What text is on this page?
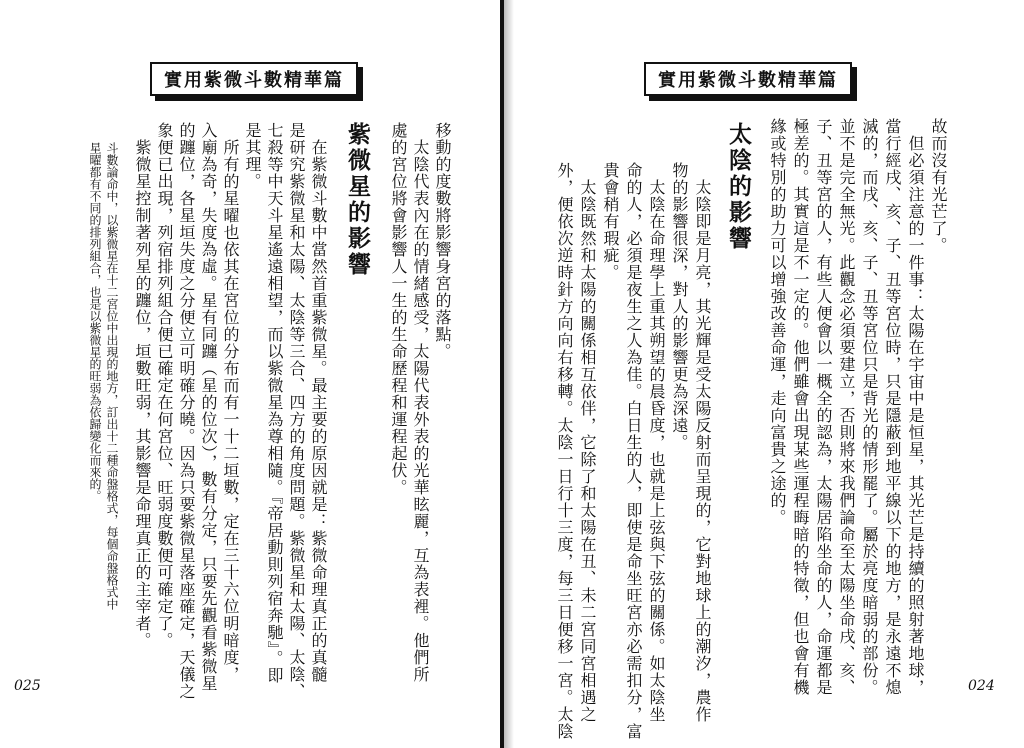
實用紫微斗數精華篇
025
移動的度數將影響身宮的落點。
　太陰代表內在的情緒感受，太陽代表外表的光華眩麗，互為表裡。他們所
處的宮位將會影響人一生的生命歷程和運程起伏。
紫微星的影響
　在紫微斗數中當然首重紫微星。最主要的原因就是：紫微命理真正的真髓
是研究紫微星和太陽、太陰等三合、四方的角度問題。紫微星和太陽、太陰、
七殺等中天斗星遙遠相望，而以紫微星為尊相隨。『帝居動則列宿奔馳』。即
是其理。
　所有的星曜也依其在宮位的分布而有一十二垣數，定在三十六位明暗度，
入廟為奇，失度為虛。星有同躔（星的位次），數有分定，只要先觀看紫微星
的躔位，各星垣失度之分便立可明確分曉。因為只要紫微星落座確定，天儀之
象便已出現，列宿排列組合便已確定在何宮位、旺弱度數便可確定了。
　紫微星控制著列星的躔位，垣數旺弱，其影響是命理真正的主宰者。
斗數論命中，以紫微星在十二宮位中出現的地方，訂出十二種命盤格式，每個命盤格式中
星曜都有不同的排列組合，也是以紫微星的旺弱為依歸變化而來的。
實用紫微斗數精華篇
024
故而沒有光芒了。
　但必須注意的一件事：太陽在宇宙中是恒星，其光芒是持續的照射著地球，
當行經戌、亥、子、丑等宮位時，只是隱蔽到地平線以下的地方，是永遠不熄
滅的，而戌、亥、子、丑等宮位只是背光的情形罷了。屬於亮度暗弱的部份。
並不是完全無光。此觀念必須要建立，否則將來我們論命至太陽坐命戌、亥、
子、丑等宮的人，有些人便會以一概全的認為，太陽居陷坐命的人，命運都是
極差的。其實這是不一定的。他們雖會出現某些運程晦暗的特徵，但也會有機
緣或特別的助力可以增強改善命運，走向富貴之途的。
太陰的影響
　太陰即是月亮，其光輝是受太陽反射而呈現的，它對地球上的潮汐，農作
物的影響很深，對人的影響更為深遠。
　太陰在命理學上重其朔望的晨昏度，也就是上弦與下弦的關係。如太陰坐
命的人，必須是夜生之人為佳。白日生的人，即使是命坐旺宮亦必需扣分，富
貴會稍有瑕疵。
　太陰既然和太陽的關係相互依伴，它除了和太陽在丑、未二宮同宮相遇之
外，便依次逆時針方向向右移轉。太陰一日行十三度，每三日便移一宮。太陰
